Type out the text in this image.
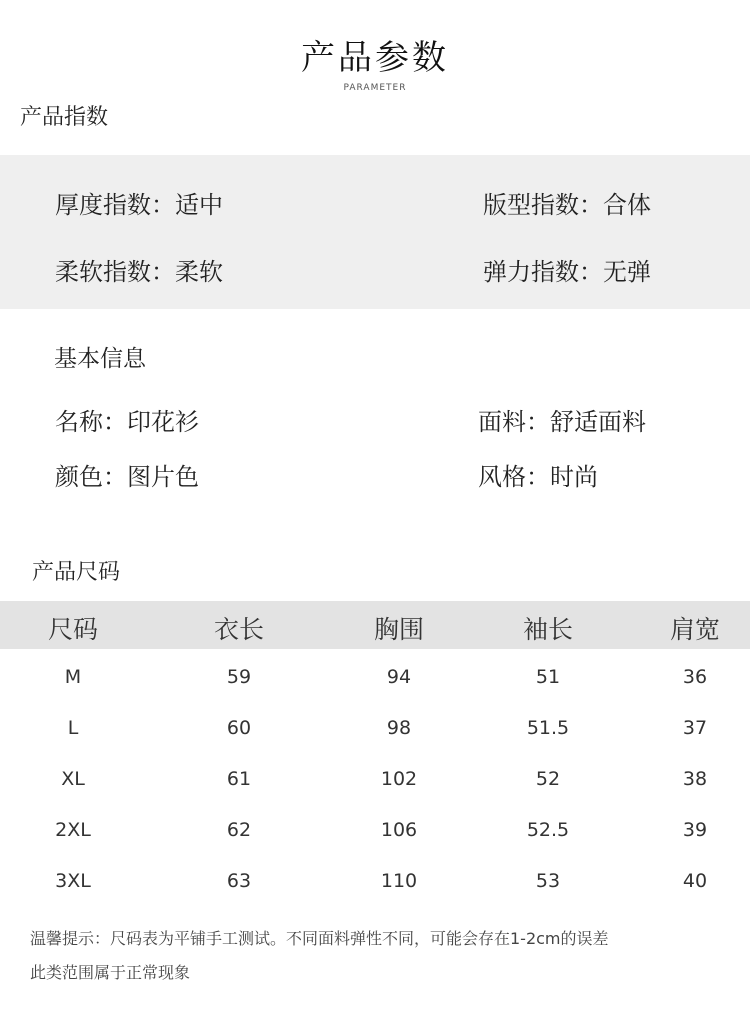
产品参数
PARAMETER
产品指数
厚度指数：适中	版型指数：合体
柔软指数：柔软	弹力指数：无弹
基本信息
名称：印花衫	面料：舒适面料
颜色：图片色	风格：时尚
产品尺码
尺码	衣长	胸围	袖长	肩宽
M	59	94	51	36
L	60	98	51.5	37
XL	61	102	52	38
2XL	62	106	52.5	39
3XL	63	110	53	40
温馨提示：尺码表为平铺手工测试。不同面料弹性不同，可能会存在1-2cm的误差
此类范围属于正常现象
